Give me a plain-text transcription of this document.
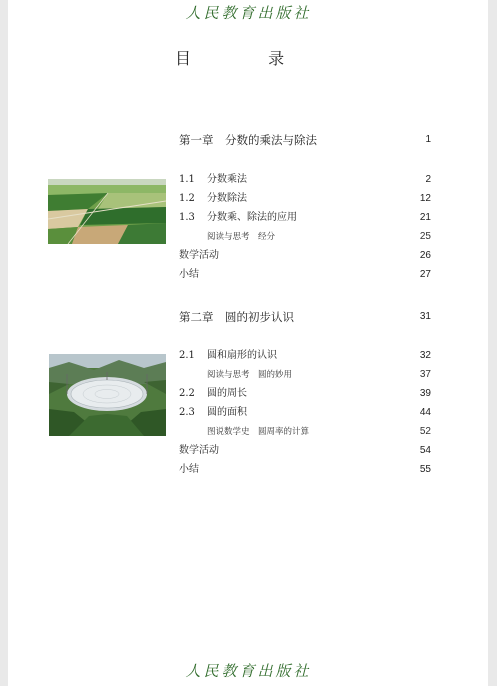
人民教育出版社
目 录
第一章　分数的乘法与除法	1
1.1 分数乘法	2
1.2 分数除法	12
1.3 分数乘、除法的应用	21
阅读与思考　经分	25
数学活动	26
小结	27
第二章　圆的初步认识	31
2.1 圆和扇形的认识	32
阅读与思考　圆的妙用	37
2.2 圆的周长	39
2.3 圆的面积	44
图说数学史　圆周率的计算	52
数学活动	54
小结	55
人民教育出版社
